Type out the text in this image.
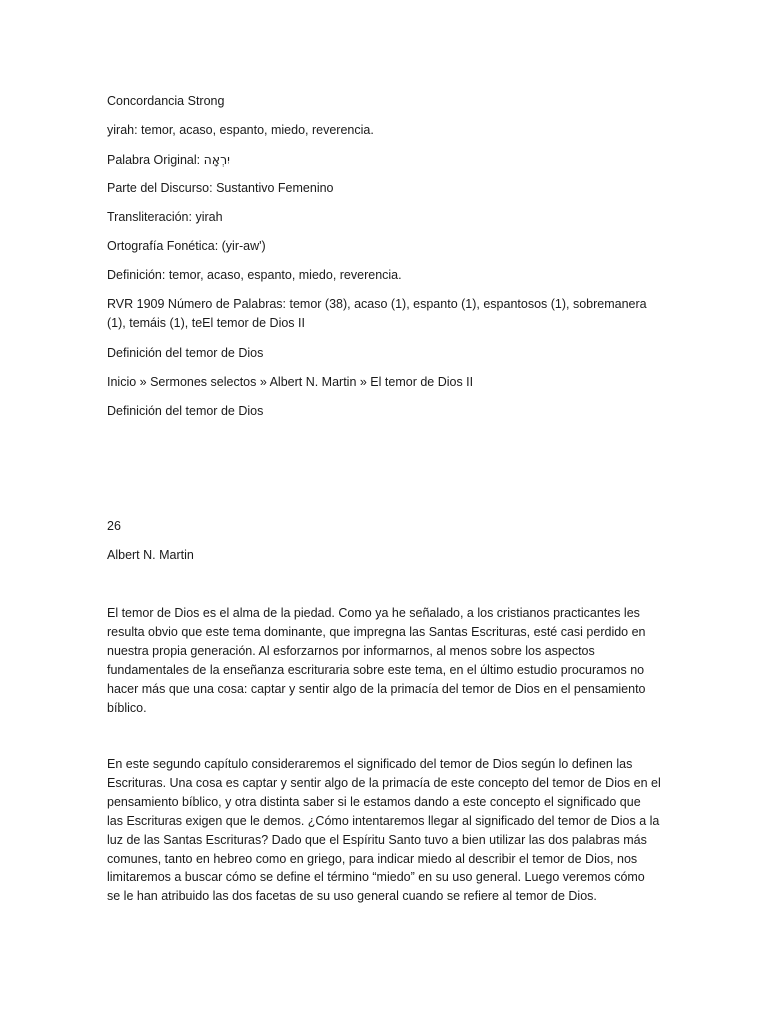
Concordancia Strong
yirah: temor, acaso, espanto, miedo, reverencia.
Palabra Original: יִרְאָה
Parte del Discurso: Sustantivo Femenino
Transliteración: yirah
Ortografía Fonética: (yir-aw')
Definición: temor, acaso, espanto, miedo, reverencia.
RVR 1909 Número de Palabras: temor (38), acaso (1), espanto (1), espantosos (1), sobremanera
(1), temáis (1), teEl temor de Dios II
Definición del temor de Dios
Inicio » Sermones selectos » Albert N. Martin » El temor de Dios II
Definición del temor de Dios
26
Albert N. Martin
El temor de Dios es el alma de la piedad. Como ya he señalado, a los cristianos practicantes les
resulta obvio que este tema dominante, que impregna las Santas Escrituras, esté casi perdido en
nuestra propia generación. Al esforzarnos por informarnos, al menos sobre los aspectos
fundamentales de la enseñanza escrituraria sobre este tema, en el último estudio procuramos no
hacer más que una cosa: captar y sentir algo de la primacía del temor de Dios en el pensamiento
bíblico.
En este segundo capítulo consideraremos el significado del temor de Dios según lo definen las
Escrituras. Una cosa es captar y sentir algo de la primacía de este concepto del temor de Dios en el
pensamiento bíblico, y otra distinta saber si le estamos dando a este concepto el significado que
las Escrituras exigen que le demos. ¿Cómo intentaremos llegar al significado del temor de Dios a la
luz de las Santas Escrituras? Dado que el Espíritu Santo tuvo a bien utilizar las dos palabras más
comunes, tanto en hebreo como en griego, para indicar miedo al describir el temor de Dios, nos
limitaremos a buscar cómo se define el término “miedo” en su uso general. Luego veremos cómo
se le han atribuido las dos facetas de su uso general cuando se refiere al temor de Dios.
